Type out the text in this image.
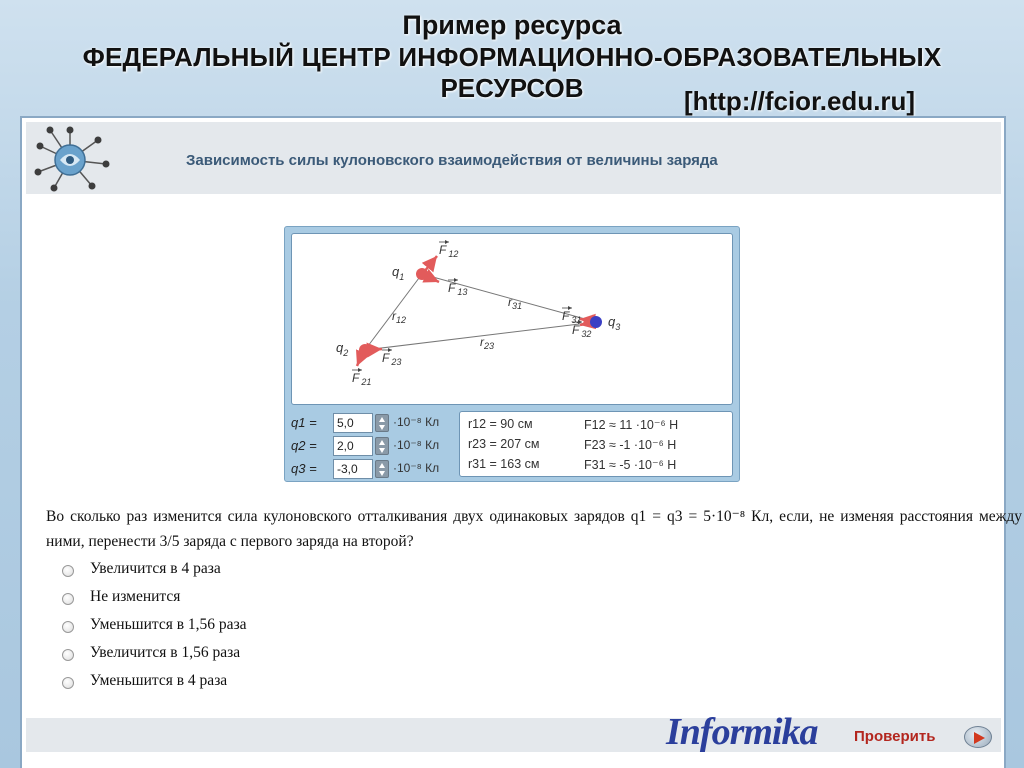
Пример ресурса
ФЕДЕРАЛЬНЫЙ ЦЕНТР ИНФОРМАЦИОННО-ОБРАЗОВАТЕЛЬНЫХ
РЕСУРСОВ	[http://fcior.edu.ru]
Зависимость силы кулоновского взаимодействия от величины заряда
$q_1$
$q_2$
$q_3$
$r_{12}$
$r_{23}$
$r_{31}$
F $_{12}$
F $_{13}$
F $_{21}$
F $_{23}$
F $_{31}$
F $_{32}$
q1 =	5,0	·10⁻⁸ Кл
q2 =	2,0	·10⁻⁸ Кл
q3 =	-3,0	·10⁻⁸ Кл
r12 = 90 см	F12 ≈ 11 ·10⁻⁶ Н
r23 = 207 см	F23 ≈ -1 ·10⁻⁶ Н
r31 = 163 см	F31 ≈ -5 ·10⁻⁶ Н
Во сколько раз изменится сила кулоновского отталкивания двух одинаковых зарядов q1 = q3 = 5·10⁻⁸ Кл, если, не изменяя расстояния между ними, перенести 3/5 заряда с первого заряда на второй?
Увеличится в 4 раза
Не изменится
Уменьшится в 1,56 раза
Увеличится в 1,56 раза
Уменьшится в 4 раза
Informika Проверить
